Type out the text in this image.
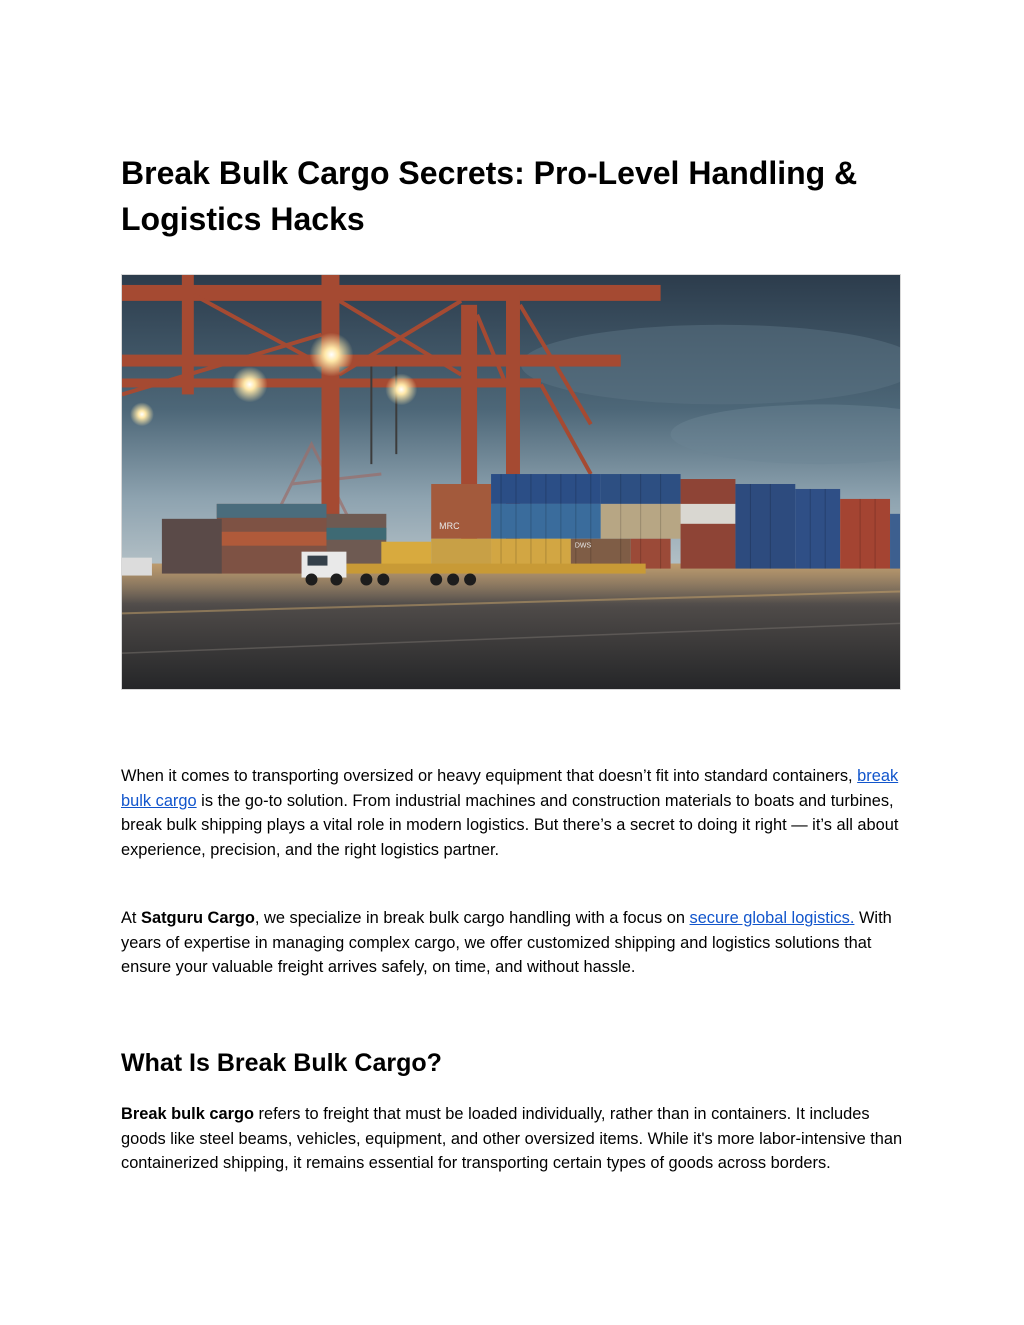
Break Bulk Cargo Secrets: Pro-Level Handling & Logistics Hacks
MRC
DWS

When it comes to transporting oversized or heavy equipment that doesn’t fit into standard containers, break bulk cargo is the go-to solution. From industrial machines and construction materials to boats and turbines, break bulk shipping plays a vital role in modern logistics. But there’s a secret to doing it right — it’s all about experience, precision, and the right logistics partner.

At Satguru Cargo, we specialize in break bulk cargo handling with a focus on secure global logistics. With years of expertise in managing complex cargo, we offer customized shipping and logistics solutions that ensure your valuable freight arrives safely, on time, and without hassle.

What Is Break Bulk Cargo?

Break bulk cargo refers to freight that must be loaded individually, rather than in containers. It includes goods like steel beams, vehicles, equipment, and other oversized items. While it's more labor-intensive than containerized shipping, it remains essential for transporting certain types of goods across borders.
